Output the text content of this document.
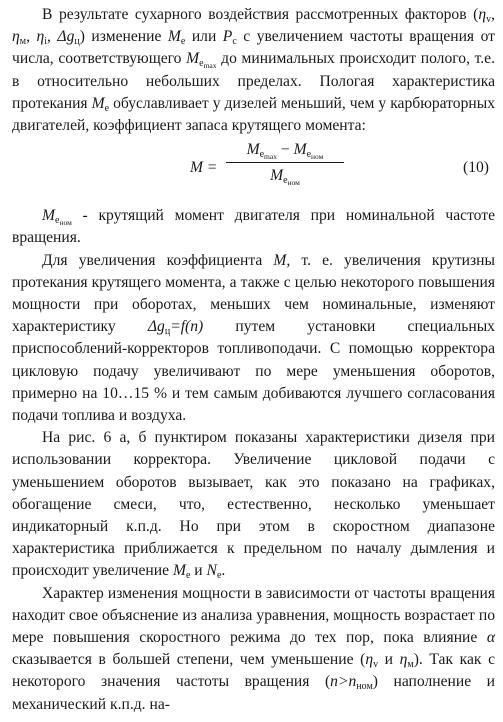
В результате сухарного воздействия рассмотренных факторов ($\eta_v$, $\eta_м$, $\eta_i$, $\Delta g_ц$) изменение $M_e$ или $P_c$ с увеличением частоты вращения от числа, соответствующего $M_{e_{max}}$ до минимальных происходит полого, т.е. в относительно небольших пределах. Пологая характеристика протекания $M_e$ обуславливает у дизелей меньший, чем у карбюраторных двигателей, коэффициент запаса крутящего момента:

M =
$M_{e_{max}} - M_{e_{ном}}$
$M_{e_{ном}}$
(10)

$M_{e_{ном}}$ - крутящий момент двигателя при номинальной частоте вращения.

Для увеличения коэффициента M, т. е. увеличения крутизны протекания крутящего момента, а также с целью некоторого повышения мощности при оборотах, меньших чем номинальные, изменяют характеристику $\Delta g_ц=f(n)$ путем установки специальных приспособлений-корректоров топливоподачи. С помощью корректора цикловую подачу увеличивают по мере уменьшения оборотов, примерно на 10…15 % и тем самым добиваются лучшего согласования подачи топлива и воздуха.

На рис. 6 а, б пунктиром показаны характеристики дизеля при использовании корректора. Увеличение цикловой подачи с уменьшением оборотов вызывает, как это показано на графиках, обогащение смеси, что, естественно, несколько уменьшает индикаторный к.п.д. Но при этом в скоростном диапазоне характеристика приближается к предельном по началу дымления и происходит увеличение $M_e$ и $N_e$.

Характер изменения мощности в зависимости от частоты вращения находит свое объяснение из анализа уравнения, мощность возрастает по мере повышения скоростного режима до тех пор, пока влияние α сказывается в большей степени, чем уменьшение ($\eta_v$ и $\eta_м$). Так как с некоторого значения частоты вращения $(n>n_{ном})$ наполнение и механический к.п.д. на-
